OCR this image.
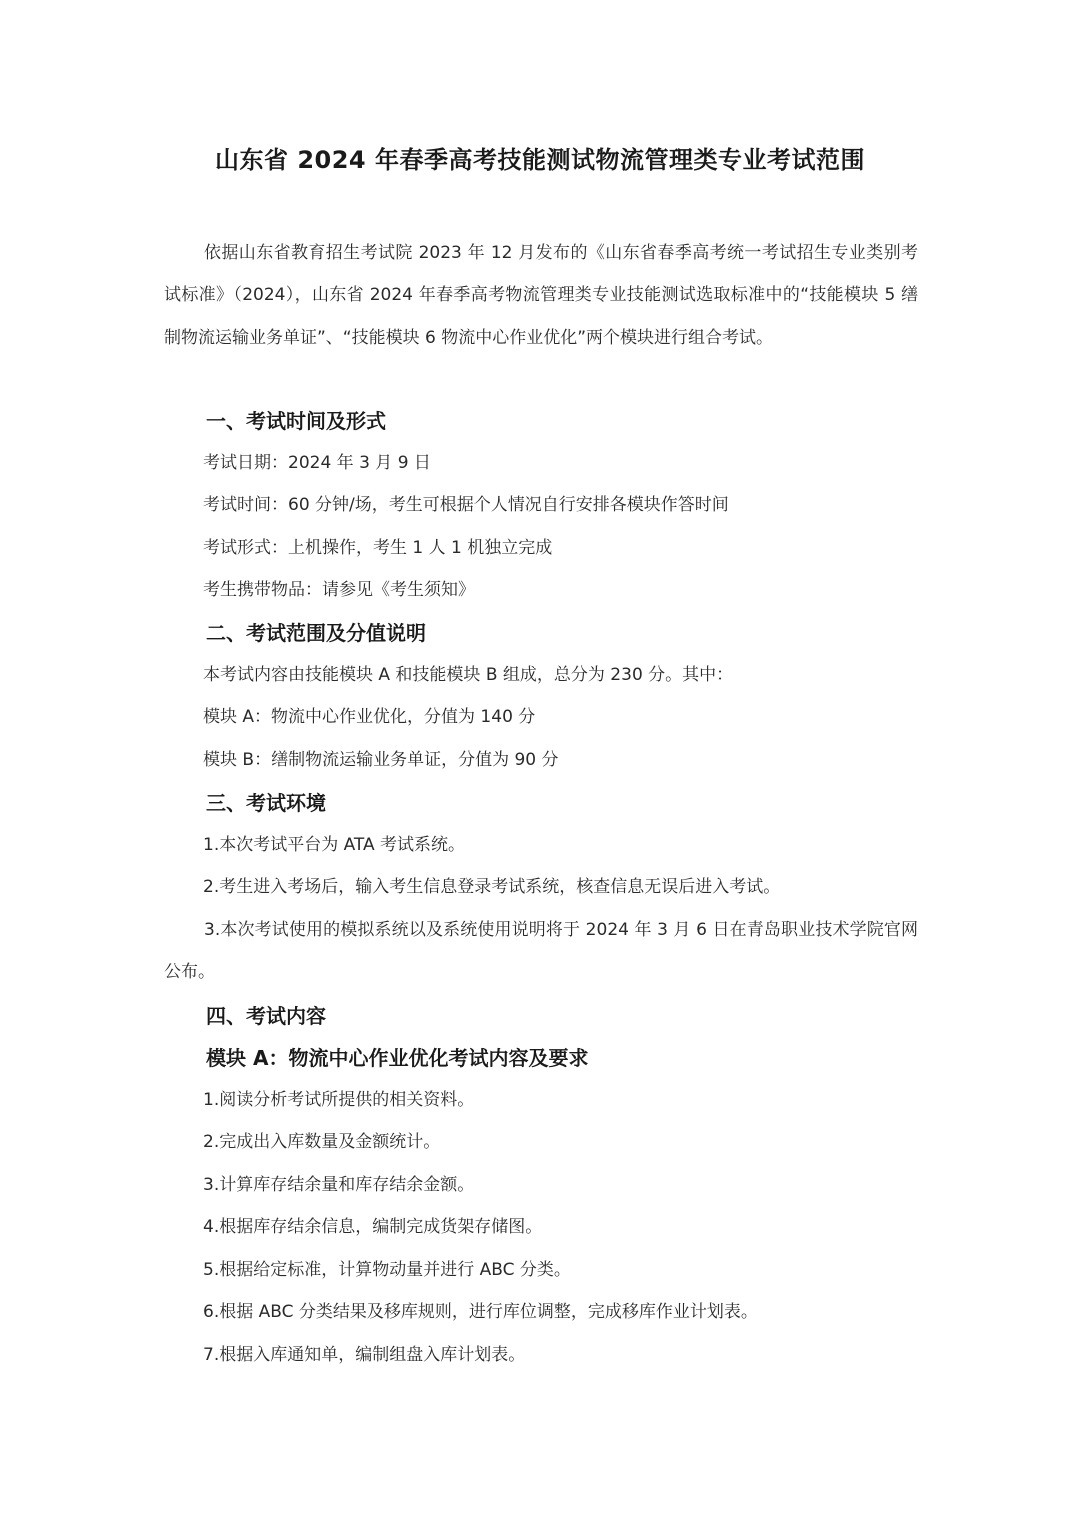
山东省 2024 年春季高考技能测试物流管理类专业考试范围

依据山东省教育招生考试院 2023 年 12 月发布的《山东省春季高考统一考试招生专业类别考试标准》（2024），山东省 2024 年春季高考物流管理类专业技能测试选取标准中的“技能模块 5 缮制物流运输业务单证”、“技能模块 6 物流中心作业优化”两个模块进行组合考试。

一、考试时间及形式
考试日期：2024 年 3 月 9 日
考试时间：60 分钟/场，考生可根据个人情况自行安排各模块作答时间
考试形式：上机操作，考生 1 人 1 机独立完成
考生携带物品：请参见《考生须知》
二、考试范围及分值说明
本考试内容由技能模块 A 和技能模块 B 组成，总分为 230 分。其中：
模块 A：物流中心作业优化，分值为 140 分
模块 B：缮制物流运输业务单证，分值为 90 分
三、考试环境
1.本次考试平台为 ATA 考试系统。
2.考生进入考场后，输入考生信息登录考试系统，核查信息无误后进入考试。

3.本次考试使用的模拟系统以及系统使用说明将于 2024 年 3 月 6 日在青岛职业技术学院官网公布。

四、考试内容
模块 A：物流中心作业优化考试内容及要求
1.阅读分析考试所提供的相关资料。
2.完成出入库数量及金额统计。
3.计算库存结余量和库存结余金额。
4.根据库存结余信息，编制完成货架存储图。
5.根据给定标准，计算物动量并进行 ABC 分类。
6.根据 ABC 分类结果及移库规则，进行库位调整，完成移库作业计划表。
7.根据入库通知单，编制组盘入库计划表。
